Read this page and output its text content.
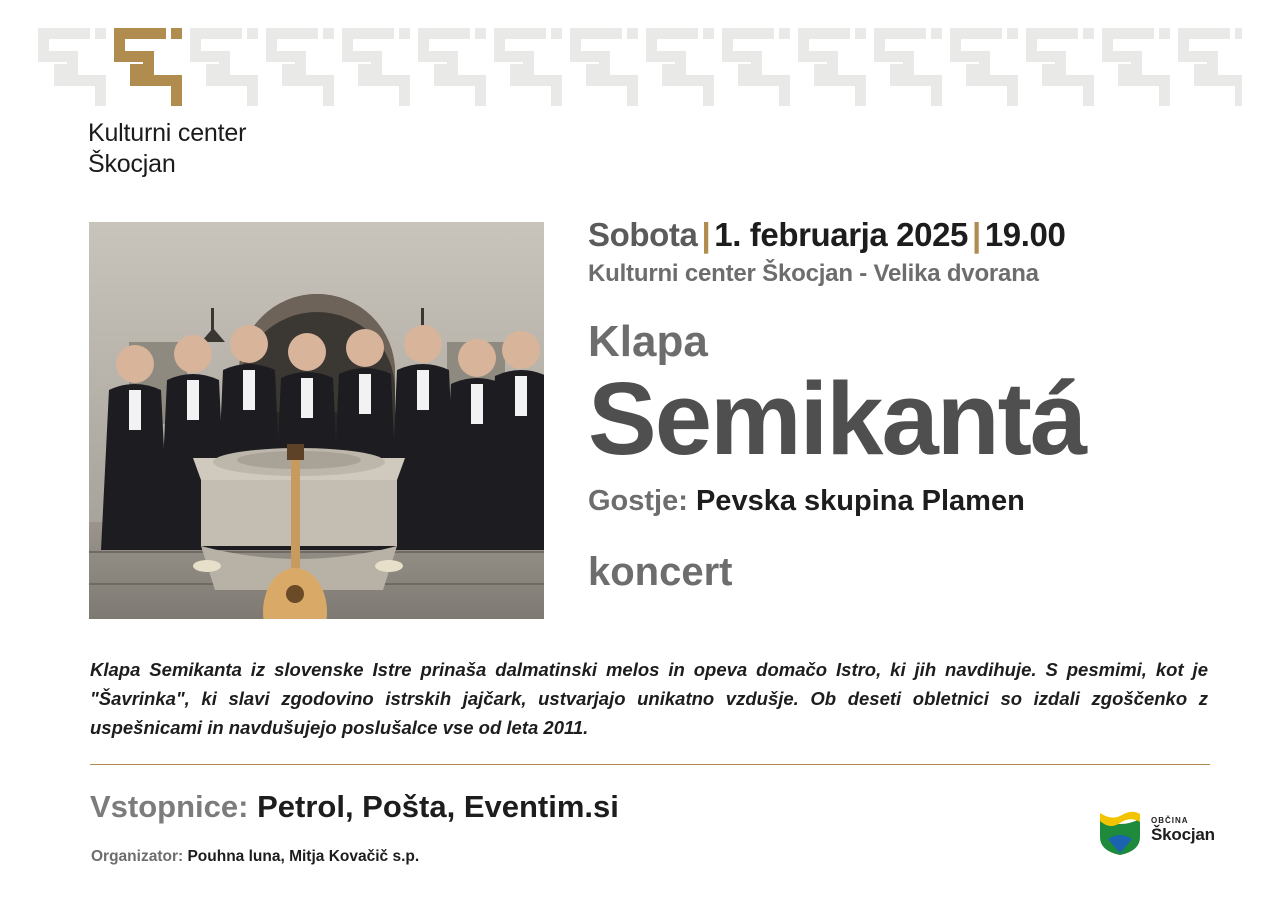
Kulturni center
Škocjan
Sobota | 1. februarja 2025 | 19.00
Kulturni center Škocjan - Velika dvorana
Klapa
Semikantá
Gostje: Pevska skupina Plamen
koncert
Klapa Semikanta iz slovenske Istre prinaša dalmatinski melos in opeva domačo Istro, ki jih navdihuje. S pesmimi, kot je "Šavrinka", ki slavi zgodovino istrskih jajčark, ustvarjajo unikatno vzdušje. Ob deseti obletnici so izdali zgoščenko z uspešnicami in navdušujejo poslušalce vse od leta 2011.
Vstopnice: Petrol, Pošta, Eventim.si
Organizator: Pouhna luna, Mitja Kovačič s.p.
OBČINA
Škocjan
